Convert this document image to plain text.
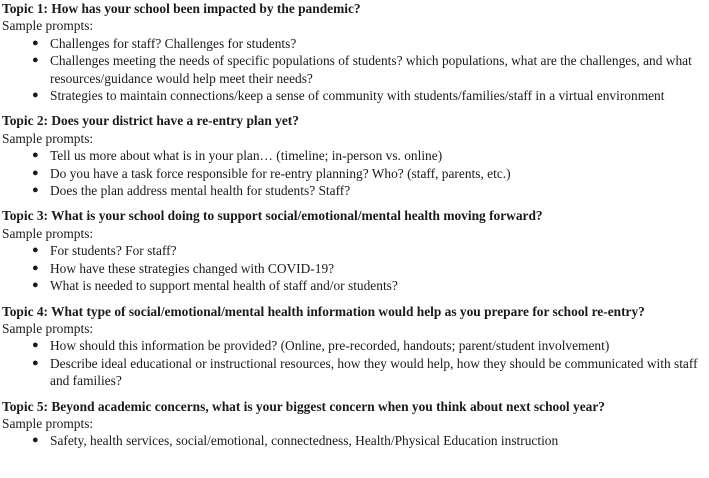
Topic 1: How has your school been impacted by the pandemic?

Sample prompts:

● Challenges for staff? Challenges for students?
● Challenges meeting the needs of specific populations of students? which populations, what are the challenges, and what resources/guidance would help meet their needs?
● Strategies to maintain connections/keep a sense of community with students/families/staff in a virtual environment

Topic 2: Does your district have a re-entry plan yet?

Sample prompts:

● Tell us more about what is in your plan… (timeline; in-person vs. online)
● Do you have a task force responsible for re-entry planning? Who? (staff, parents, etc.)
● Does the plan address mental health for students? Staff?

Topic 3: What is your school doing to support social/emotional/mental health moving forward?

Sample prompts:

● For students? For staff?
● How have these strategies changed with COVID-19?
● What is needed to support mental health of staff and/or students?

Topic 4: What type of social/emotional/mental health information would help as you prepare for school re-entry?

Sample prompts:

● How should this information be provided? (Online, pre-recorded, handouts; parent/student involvement)
● Describe ideal educational or instructional resources, how they would help, how they should be communicated with staff and families?

Topic 5: Beyond academic concerns, what is your biggest concern when you think about next school year?

Sample prompts:

● Safety, health services, social/emotional, connectedness, Health/Physical Education instruction
